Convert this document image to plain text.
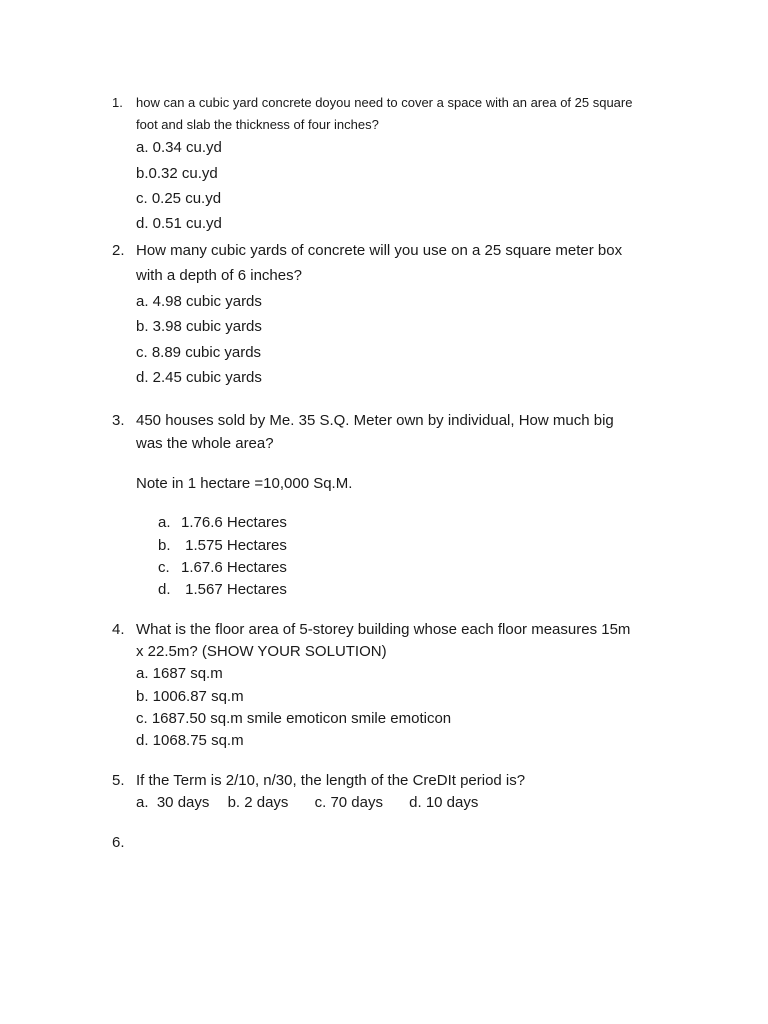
1. how can a cubic yard concrete doyou need to cover a space with an area of 25 square
foot and slab the thickness of four inches?
a. 0.34 cu.yd
b.0.32 cu.yd
c. 0.25 cu.yd
d. 0.51 cu.yd
2. How many cubic yards of concrete will you use on a 25 square meter box
with a depth of 6 inches?
a. 4.98 cubic yards
b. 3.98 cubic yards
c. 8.89 cubic yards
d. 2.45 cubic yards
3. 450 houses sold by Me. 35 S.Q. Meter own by individual, How much big
was the whole area?
Note in 1 hectare =10,000 Sq.M.
a. 1.76.6 Hectares
b. 1.575 Hectares
c. 1.67.6 Hectares
d. 1.567 Hectares
4. What is the floor area of 5-storey building whose each floor measures 15m
x 22.5m? (SHOW YOUR SOLUTION)
a. 1687 sq.m
b. 1006.87 sq.m
c. 1687.50 sq.m smile emoticon smile emoticon
d. 1068.75 sq.m
5. If the Term is 2/10, n/30, the length of the CreDIt period is?
a.  30 days b. 2 days c. 70 days d. 10 days
6.
